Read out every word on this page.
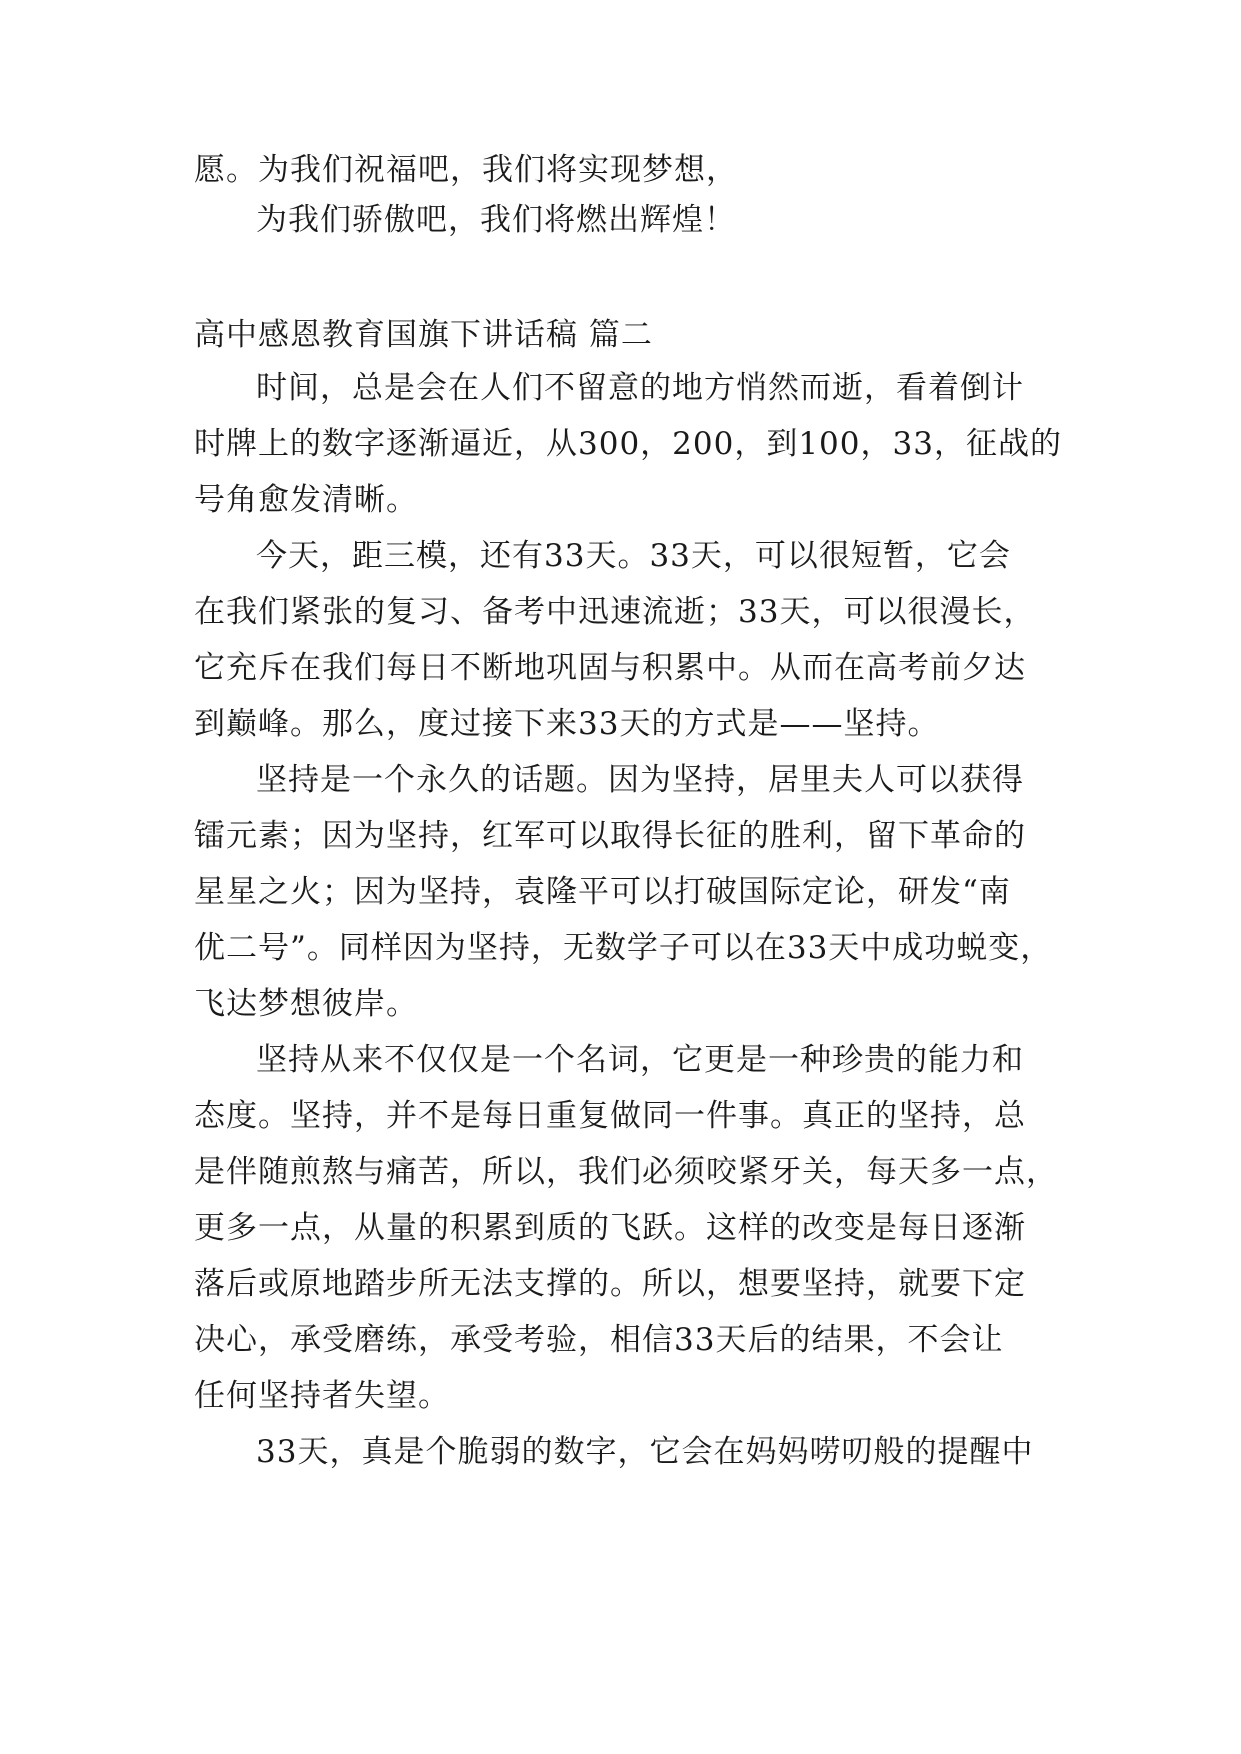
愿。为我们祝福吧，我们将实现梦想，
为我们骄傲吧，我们将燃出辉煌！
高中感恩教育国旗下讲话稿 篇二
时间，总是会在人们不留意的地方悄然而逝，看着倒计
时牌上的数字逐渐逼近，从300，200，到100，33，征战的
号角愈发清晰。
今天，距三模，还有33天。33天，可以很短暂，它会
在我们紧张的复习、备考中迅速流逝；33天，可以很漫长，
它充斥在我们每日不断地巩固与积累中。从而在高考前夕达
到巅峰。那么，度过接下来33天的方式是——坚持。
坚持是一个永久的话题。因为坚持，居里夫人可以获得
镭元素；因为坚持，红军可以取得长征的胜利，留下革命的
星星之火；因为坚持，袁隆平可以打破国际定论，研发“南
优二号”。同样因为坚持，无数学子可以在33天中成功蜕变，
飞达梦想彼岸。
坚持从来不仅仅是一个名词，它更是一种珍贵的能力和
态度。坚持，并不是每日重复做同一件事。真正的坚持，总
是伴随煎熬与痛苦，所以，我们必须咬紧牙关，每天多一点，
更多一点，从量的积累到质的飞跃。这样的改变是每日逐渐
落后或原地踏步所无法支撑的。所以，想要坚持，就要下定
决心，承受磨练，承受考验，相信33天后的结果，不会让
任何坚持者失望。
33天，真是个脆弱的数字，它会在妈妈唠叨般的提醒中
